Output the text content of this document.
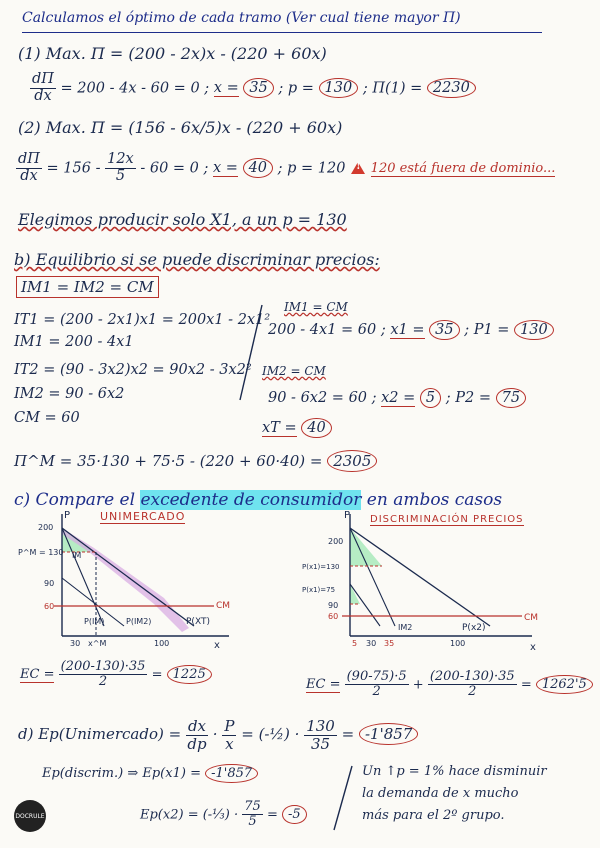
Calculamos el óptimo de cada tramo (Ver cual tiene mayor Π)
(1) Max. Π = (200 - 2x)x - (220 + 60x)
$\frac{d\Pi}{dx} = 200 - 4x - 60 = 0$ ; x = 35 ; p = 130 ; Π(1) = 2230
(2) Max. Π = (156 - 6x/5)x - (220 + 60x)
$\frac{d\Pi}{dx} = 156 - \frac{12x}{5} - 60 = 0$ ; x = 40 ; p = 120 ! 120 está fuera de dominio...
Elegimos producir solo X1, a un p = 130
b) Equilibrio si se puede discriminar precios:
IM1 = IM2 = CM
IT1 = (200 - 2x1)x1 = 200x1 - 2x1²
IM1 = 200 - 4x1
IT2 = (90 - 3x2)x2 = 90x2 - 3x2²
IM2 = 90 - 6x2
CM = 60
IM1 = CM
200 - 4x1 = 60 ; x1 = 35 ; P1 = 130
IM2 = CM
90 - 6x2 = 60 ; x2 = 5 ; P2 = 75
xT = 40
Π^M = 35·130 + 75·5 - (220 + 60·40) = 2305
c) Compare el excedente de consumidor en ambos casos
P
x
200
P^M = 130 IM
90
60	CM
P(IM)	P(IM2)	P(XT)
30 x^M	100
UNIMERCADO	P
x
200
P(x1)=130
P(x1)=75
90
60	CM
IM2	P(x2)
5 30 35	100
DISCRIMINACIÓN PRECIOS
EC = $\frac{(200-130)\cdot 35}{2} = 1225$
EC = $\frac{(90-75)\cdot 5}{2} + \frac{(200-130)\cdot 35}{2} = 1262'5$
d) Ep(Unimercado) = $\frac{dx}{dp} \cdot \frac{P}{x}$ = (-½) · $\frac{130}{35} = -1'857$
Ep(discrim.) ⇒ Ep(x1) = -1'857
Ep(x2) = (-⅓) · $\frac{75}{5} = -5$
Un ↑p = 1% hace disminuir
la demanda de x mucho
más para el 2º grupo.
DOCRULE
